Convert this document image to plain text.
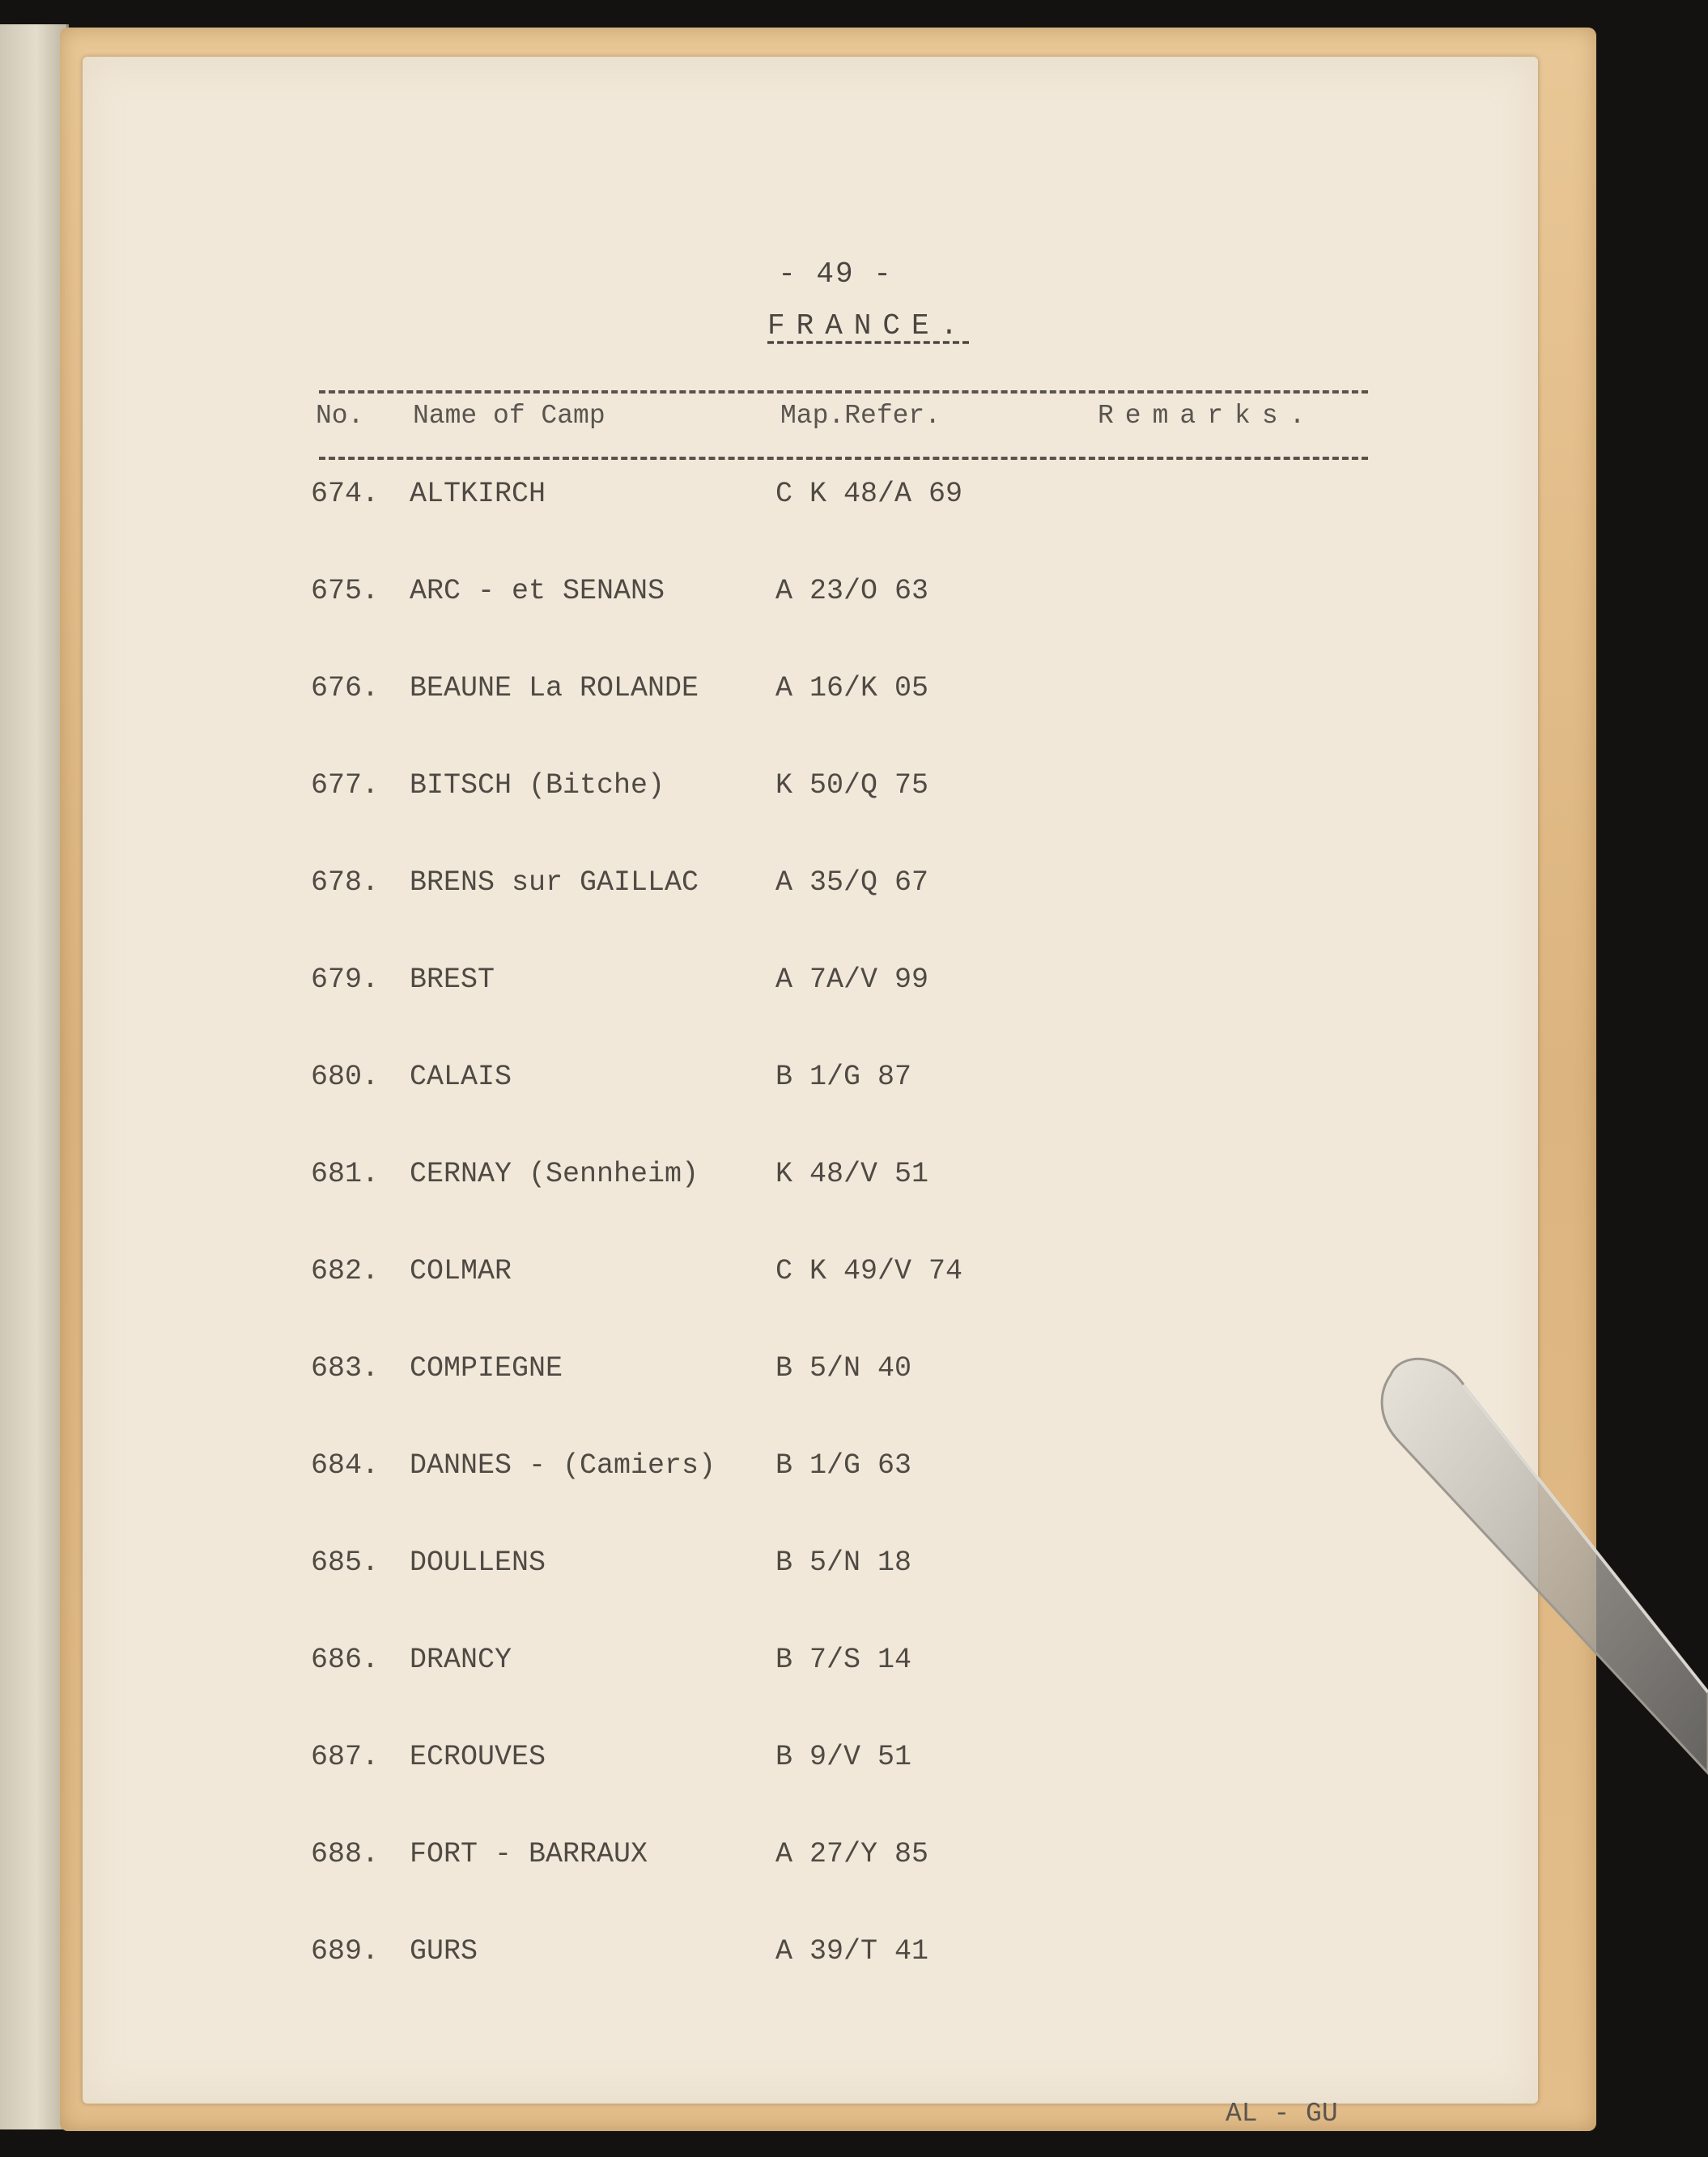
- 49 -
FRANCE.
No. Name of Camp	Map.Refer.	Remarks.
674. ALTKIRCH	C K 48/A 69
675. ARC - et SENANS	A 23/O 63
676. BEAUNE La ROLANDE	A 16/K 05
677. BITSCH (Bitche)	K 50/Q 75
678. BRENS sur GAILLAC	A 35/Q 67
679. BREST	A 7A/V 99
680. CALAIS	B 1/G 87
681. CERNAY (Sennheim)	K 48/V 51
682. COLMAR	C K 49/V 74
683. COMPIEGNE	B 5/N 40
684. DANNES - (Camiers) B 1/G 63
685. DOULLENS	B 5/N 18
686. DRANCY	B 7/S 14
687. ECROUVES	B 9/V 51
688. FORT - BARRAUX	A 27/Y 85
689. GURS	A 39/T 41
AL - GU
